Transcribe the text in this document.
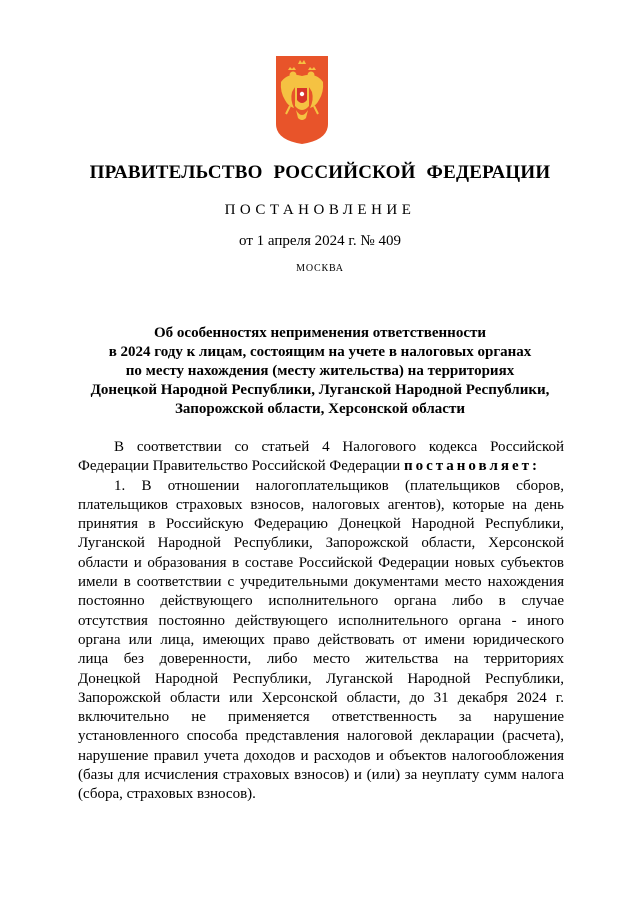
ПРАВИТЕЛЬСТВО РОССИЙСКОЙ ФЕДЕРАЦИИ
ПОСТАНОВЛЕНИЕ
от 1 апреля 2024 г. № 409
МОСКВА
Об особенностях неприменения ответственности
в 2024 году к лицам, состоящим на учете в налоговых органах
по месту нахождения (месту жительства) на территориях
Донецкой Народной Республики, Луганской Народной Республики,
Запорожской области, Херсонской области
В соответствии со статьей 4 Налогового кодекса Российской
Федерации Правительство Российской Федерации постановляет:
1. В отношении налогоплательщиков (плательщиков сборов,
плательщиков страховых взносов, налоговых агентов), которые на день
принятия в Российскую Федерацию Донецкой Народной Республики,
Луганской Народной Республики, Запорожской области, Херсонской
области и образования в составе Российской Федерации новых субъектов
имели в соответствии с учредительными документами место нахождения
постоянно действующего исполнительного органа либо в случае
отсутствия постоянно действующего исполнительного органа - иного
органа или лица, имеющих право действовать от имени юридического
лица без доверенности, либо место жительства на территориях
Донецкой Народной Республики, Луганской Народной Республики,
Запорожской области или Херсонской области, до 31 декабря 2024 г.
включительно не применяется ответственность за нарушение
установленного способа представления налоговой декларации (расчета),
нарушение правил учета доходов и расходов и объектов налогообложения
(базы для исчисления страховых взносов) и (или) за неуплату сумм налога
(сбора, страховых взносов).
